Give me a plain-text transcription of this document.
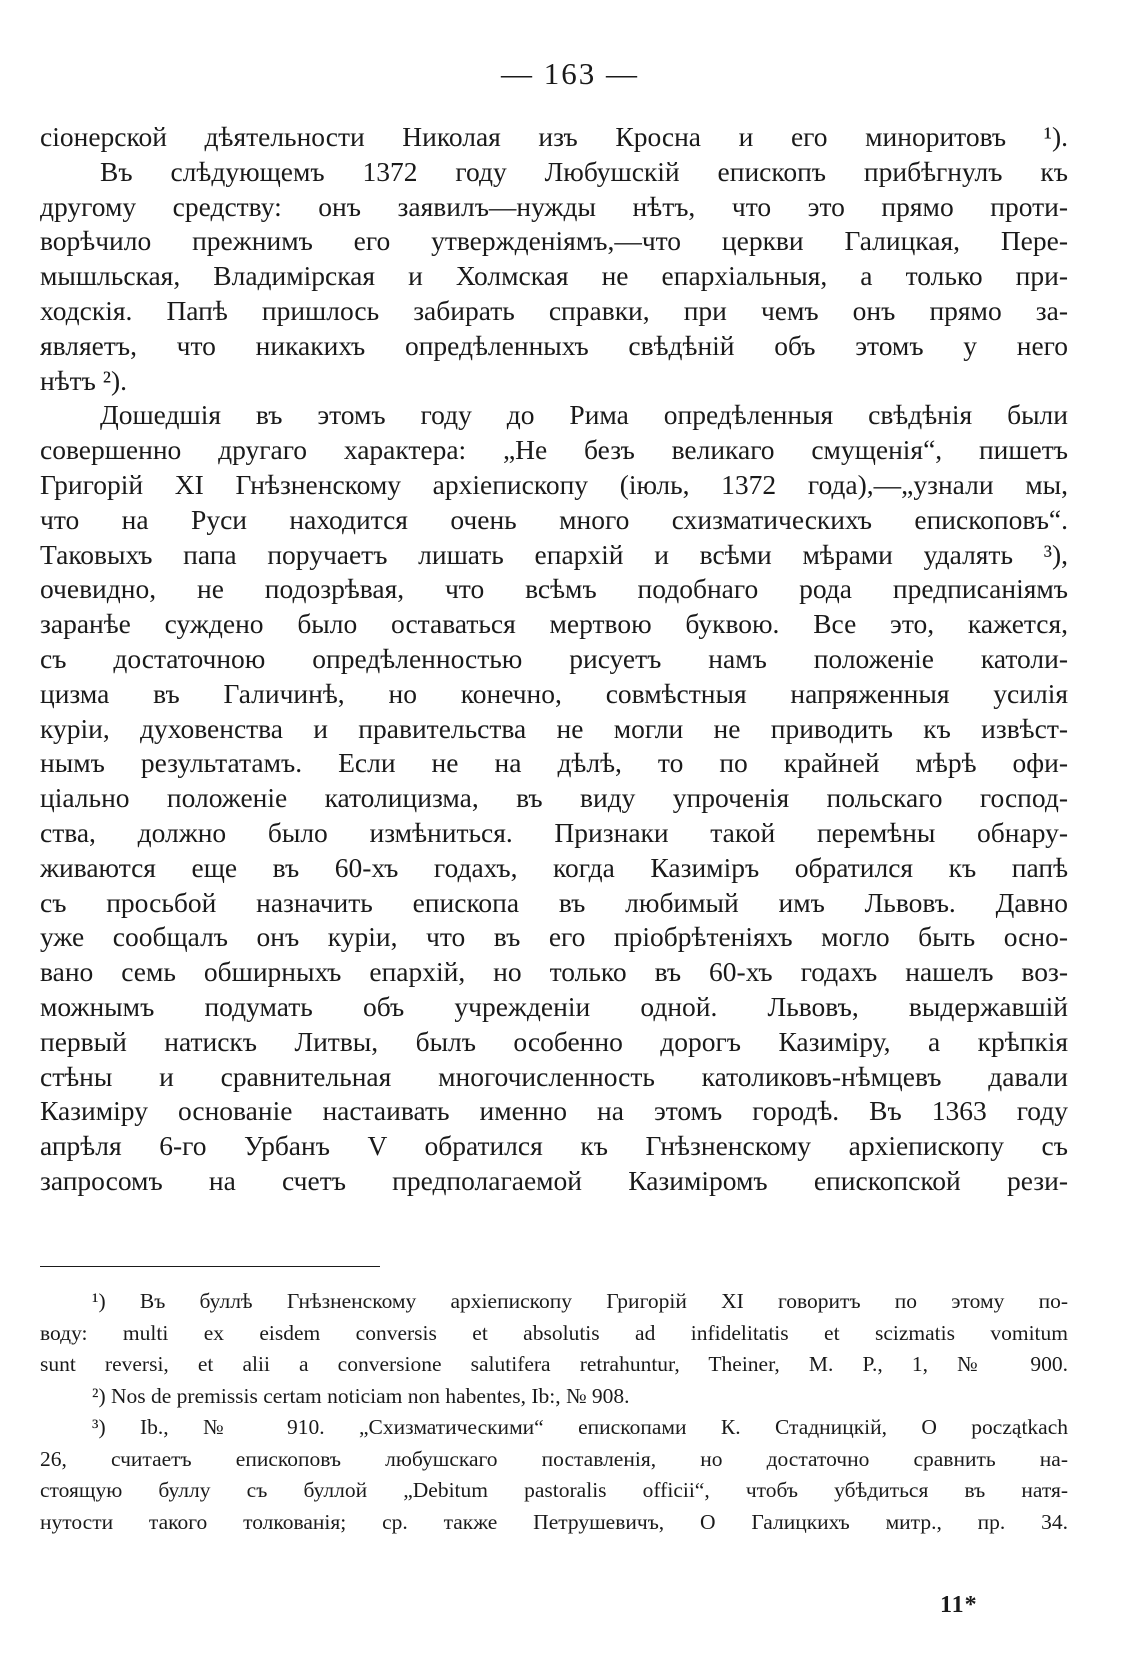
— 163 —
сіонерской дѣятельности Николая изъ Кросна и его миноритовъ ¹).
Въ слѣдующемъ 1372 году Любушскій епископъ прибѣгнулъ къ
другому средству: онъ заявилъ—нужды нѣтъ, что это прямо проти-
ворѣчило прежнимъ его утвержденіямъ,—что церкви Галицкая, Пере-
мышльская, Владимірская и Холмская не епархіальныя, а только при-
ходскія. Папѣ пришлось забирать справки, при чемъ онъ прямо за-
являетъ, что никакихъ опредѣленныхъ свѣдѣній объ этомъ у него
нѣтъ ²).
Дошедшія въ этомъ году до Рима опредѣленныя свѣдѣнія были
совершенно другаго характера: „Не безъ великаго смущенія“, пишетъ
Григорій XI Гнѣзненскому архіепископу (іюль, 1372 года),—„узнали мы,
что на Руси находится очень много схизматическихъ епископовъ“.
Таковыхъ папа поручаетъ лишать епархій и всѣми мѣрами удалять ³),
очевидно, не подозрѣвая, что всѣмъ подобнаго рода предписаніямъ
заранѣе суждено было оставаться мертвою буквою. Все это, кажется,
съ достаточною опредѣленностью рисуетъ намъ положеніе католи-
цизма въ Галичинѣ, но конечно, совмѣстныя напряженныя усилія
куріи, духовенства и правительства не могли не приводить къ извѣст-
нымъ результатамъ. Если не на дѣлѣ, то по крайней мѣрѣ офи-
ціально положеніе католицизма, въ виду упроченія польскаго господ-
ства, должно было измѣниться. Признаки такой перемѣны обнару-
живаются еще въ 60-хъ годахъ, когда Казиміръ обратился къ папѣ
съ просьбой назначить епископа въ любимый имъ Львовъ. Давно
уже сообщалъ онъ куріи, что въ его пріобрѣтеніяхъ могло быть осно-
вано семь обширныхъ епархій, но только въ 60-хъ годахъ нашелъ воз-
можнымъ подумать объ учрежденіи одной. Львовъ, выдержавшій
первый натискъ Литвы, былъ особенно дорогъ Казиміру, а крѣпкія
стѣны и сравнительная многочисленность католиковъ-нѣмцевъ давали
Казиміру основаніе настаивать именно на этомъ городѣ. Въ 1363 году
апрѣля 6-го Урбанъ V обратился къ Гнѣзненскому архіепископу съ
запросомъ на счетъ предполагаемой Казиміромъ епископской рези-
¹) Въ буллѣ Гнѣзненскому архіепископу Григорій XI говоритъ по этому по-
воду: multi ex eisdem conversis et absolutis ad infidelitatis et scizmatis vomitum
sunt reversi, et alii a conversione salutifera retrahuntur, Theiner, M. P., 1, № 900.
²) Nos de premissis certam noticiam non habentes, Ib:, № 908.
³) Ib., № 910. „Схизматическими“ епископами К. Стадницкій, O początkach
26, считаетъ епископовъ любушскаго поставленія, но достаточно сравнить на-
стоящую буллу съ буллой „Debitum pastoralis officii“, чтобъ убѣдиться въ натя-
нутости такого толкованія; ср. также Петрушевичъ, О Галицкихъ митр., пр. 34.
11*
